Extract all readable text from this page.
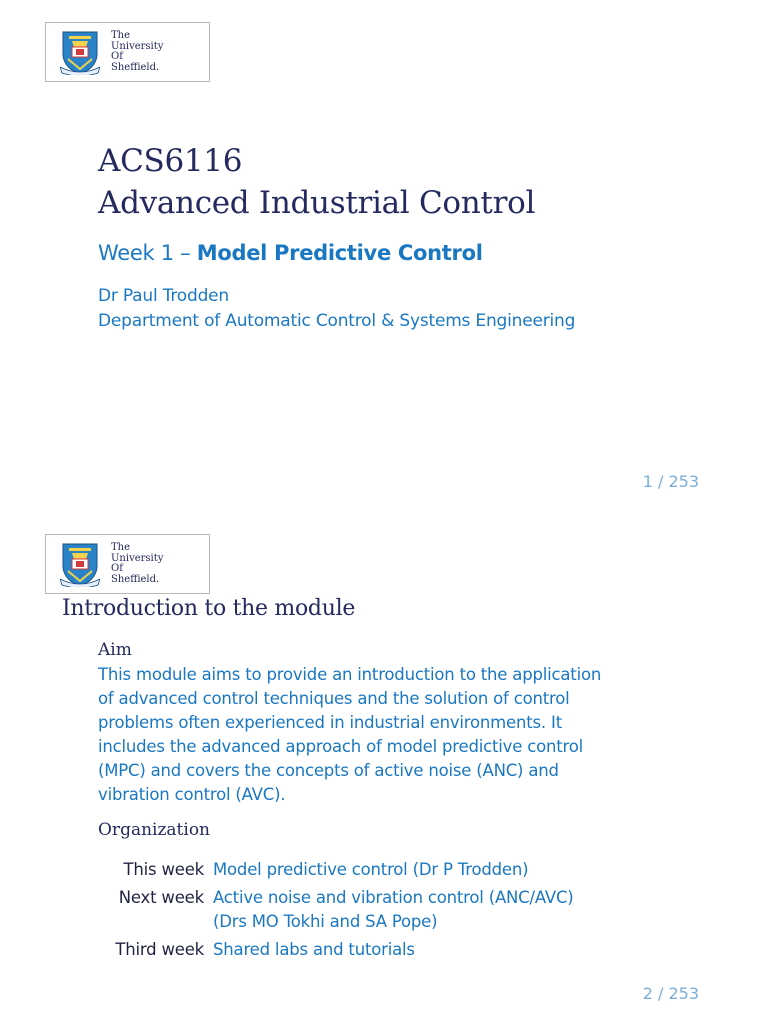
The
University
Of
Sheffield.
ACS6116
Advanced Industrial Control
Week 1 – Model Predictive Control
Dr Paul Trodden
Department of Automatic Control & Systems Engineering
1 / 253
The
University
Of
Sheffield.
Introduction to the module
Aim
This module aims to provide an introduction to the application
of advanced control techniques and the solution of control
problems often experienced in industrial environments. It
includes the advanced approach of model predictive control
(MPC) and covers the concepts of active noise (ANC) and
vibration control (AVC).
Organization
This week	Model predictive control (Dr P Trodden)
Next week	Active noise and vibration control (ANC/AVC)
	(Drs MO Tokhi and SA Pope)
Third week	Shared labs and tutorials
2 / 253
